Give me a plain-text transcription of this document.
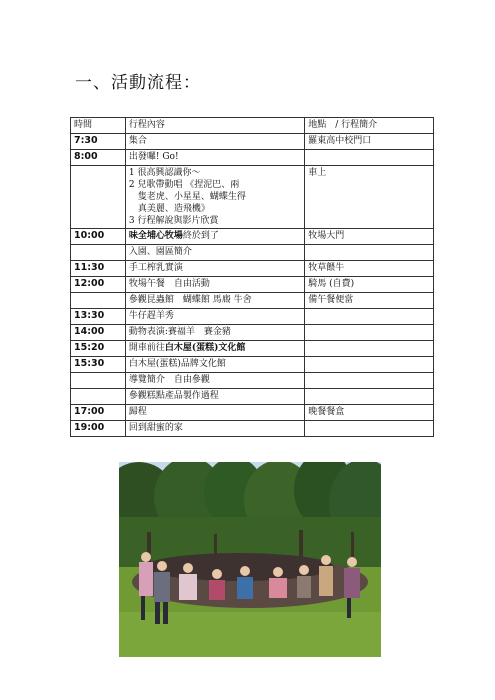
一、活動流程：
時間	行程內容	地點　/ 行程簡介
7:30	集合	羅東高中校門口
8:00	出發囉! Go!	

	1 很高興認識你～
2 兒歌帶動唱 《捏泥巴、兩
隻老虎、小星星、蝴蝶生得
真美麗、造飛機》
3 行程解說與影片欣賞	車上
10:00	味全埔心牧場終於到了	牧場大門
	入園、園區簡介	
11:30	手工榨乳實演	牧草餵牛
12:00	牧場午餐　自由活動	騎馬 (自費)
	參觀昆蟲館　蝴蝶館 馬廄 牛舍	備午餐便當
13:30	牛仔趕羊秀	
14:00	動物表演:賽福羊　賽金豬	
15:20	開車前往白木屋(蛋糕)文化館	
15:30	白木屋(蛋糕)品牌文化館	
	導覽簡介　自由參觀	
	參觀糕點產品製作過程	
17:00	歸程	晚餐餐盒
19:00	回到甜蜜的家	
